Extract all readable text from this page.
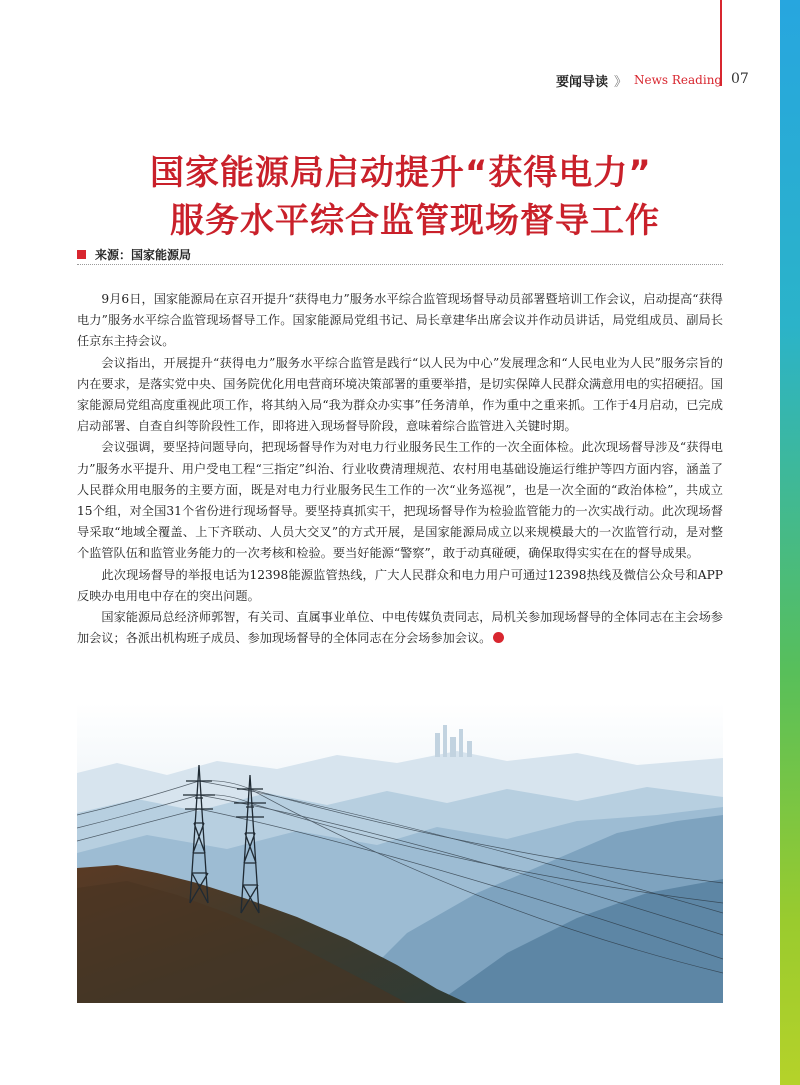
要闻导读 》 News Reading 07
国家能源局启动提升“获得电力”
服务水平综合监管现场督导工作
来源：国家能源局

9月6日，国家能源局在京召开提升“获得电力”服务水平综合监管现场督导动员部署暨培训工作会议，启动提高“获得电力”服务水平综合监管现场督导工作。国家能源局党组书记、局长章建华出席会议并作动员讲话，局党组成员、副局长任京东主持会议。

会议指出，开展提升“获得电力”服务水平综合监管是践行“以人民为中心”发展理念和“人民电业为人民”服务宗旨的内在要求，是落实党中央、国务院优化用电营商环境决策部署的重要举措，是切实保障人民群众满意用电的实招硬招。国家能源局党组高度重视此项工作，将其纳入局“我为群众办实事”任务清单，作为重中之重来抓。工作于4月启动，已完成启动部署、自查自纠等阶段性工作，即将进入现场督导阶段，意味着综合监管进入关键时期。

会议强调，要坚持问题导向，把现场督导作为对电力行业服务民生工作的一次全面体检。此次现场督导涉及“获得电力”服务水平提升、用户受电工程“三指定”纠治、行业收费清理规范、农村用电基础设施运行维护等四方面内容，涵盖了人民群众用电服务的主要方面，既是对电力行业服务民生工作的一次“业务巡视”，也是一次全面的“政治体检”，共成立15个组，对全国31个省份进行现场督导。要坚持真抓实干，把现场督导作为检验监管能力的一次实战行动。此次现场督导采取“地域全覆盖、上下齐联动、人员大交叉”的方式开展，是国家能源局成立以来规模最大的一次监管行动，是对整个监管队伍和监管业务能力的一次考核和检验。要当好能源“警察”，敢于动真碰硬，确保取得实实在在的督导成果。

此次现场督导的举报电话为12398能源监管热线，广大人民群众和电力用户可通过12398热线及微信公众号和APP反映办电用电中存在的突出问题。

国家能源局总经济师郭智，有关司、直属事业单位、中电传媒负责同志，局机关参加现场督导的全体同志在主会场参加会议；各派出机构班子成员、参加现场督导的全体同志在分会场参加会议。
